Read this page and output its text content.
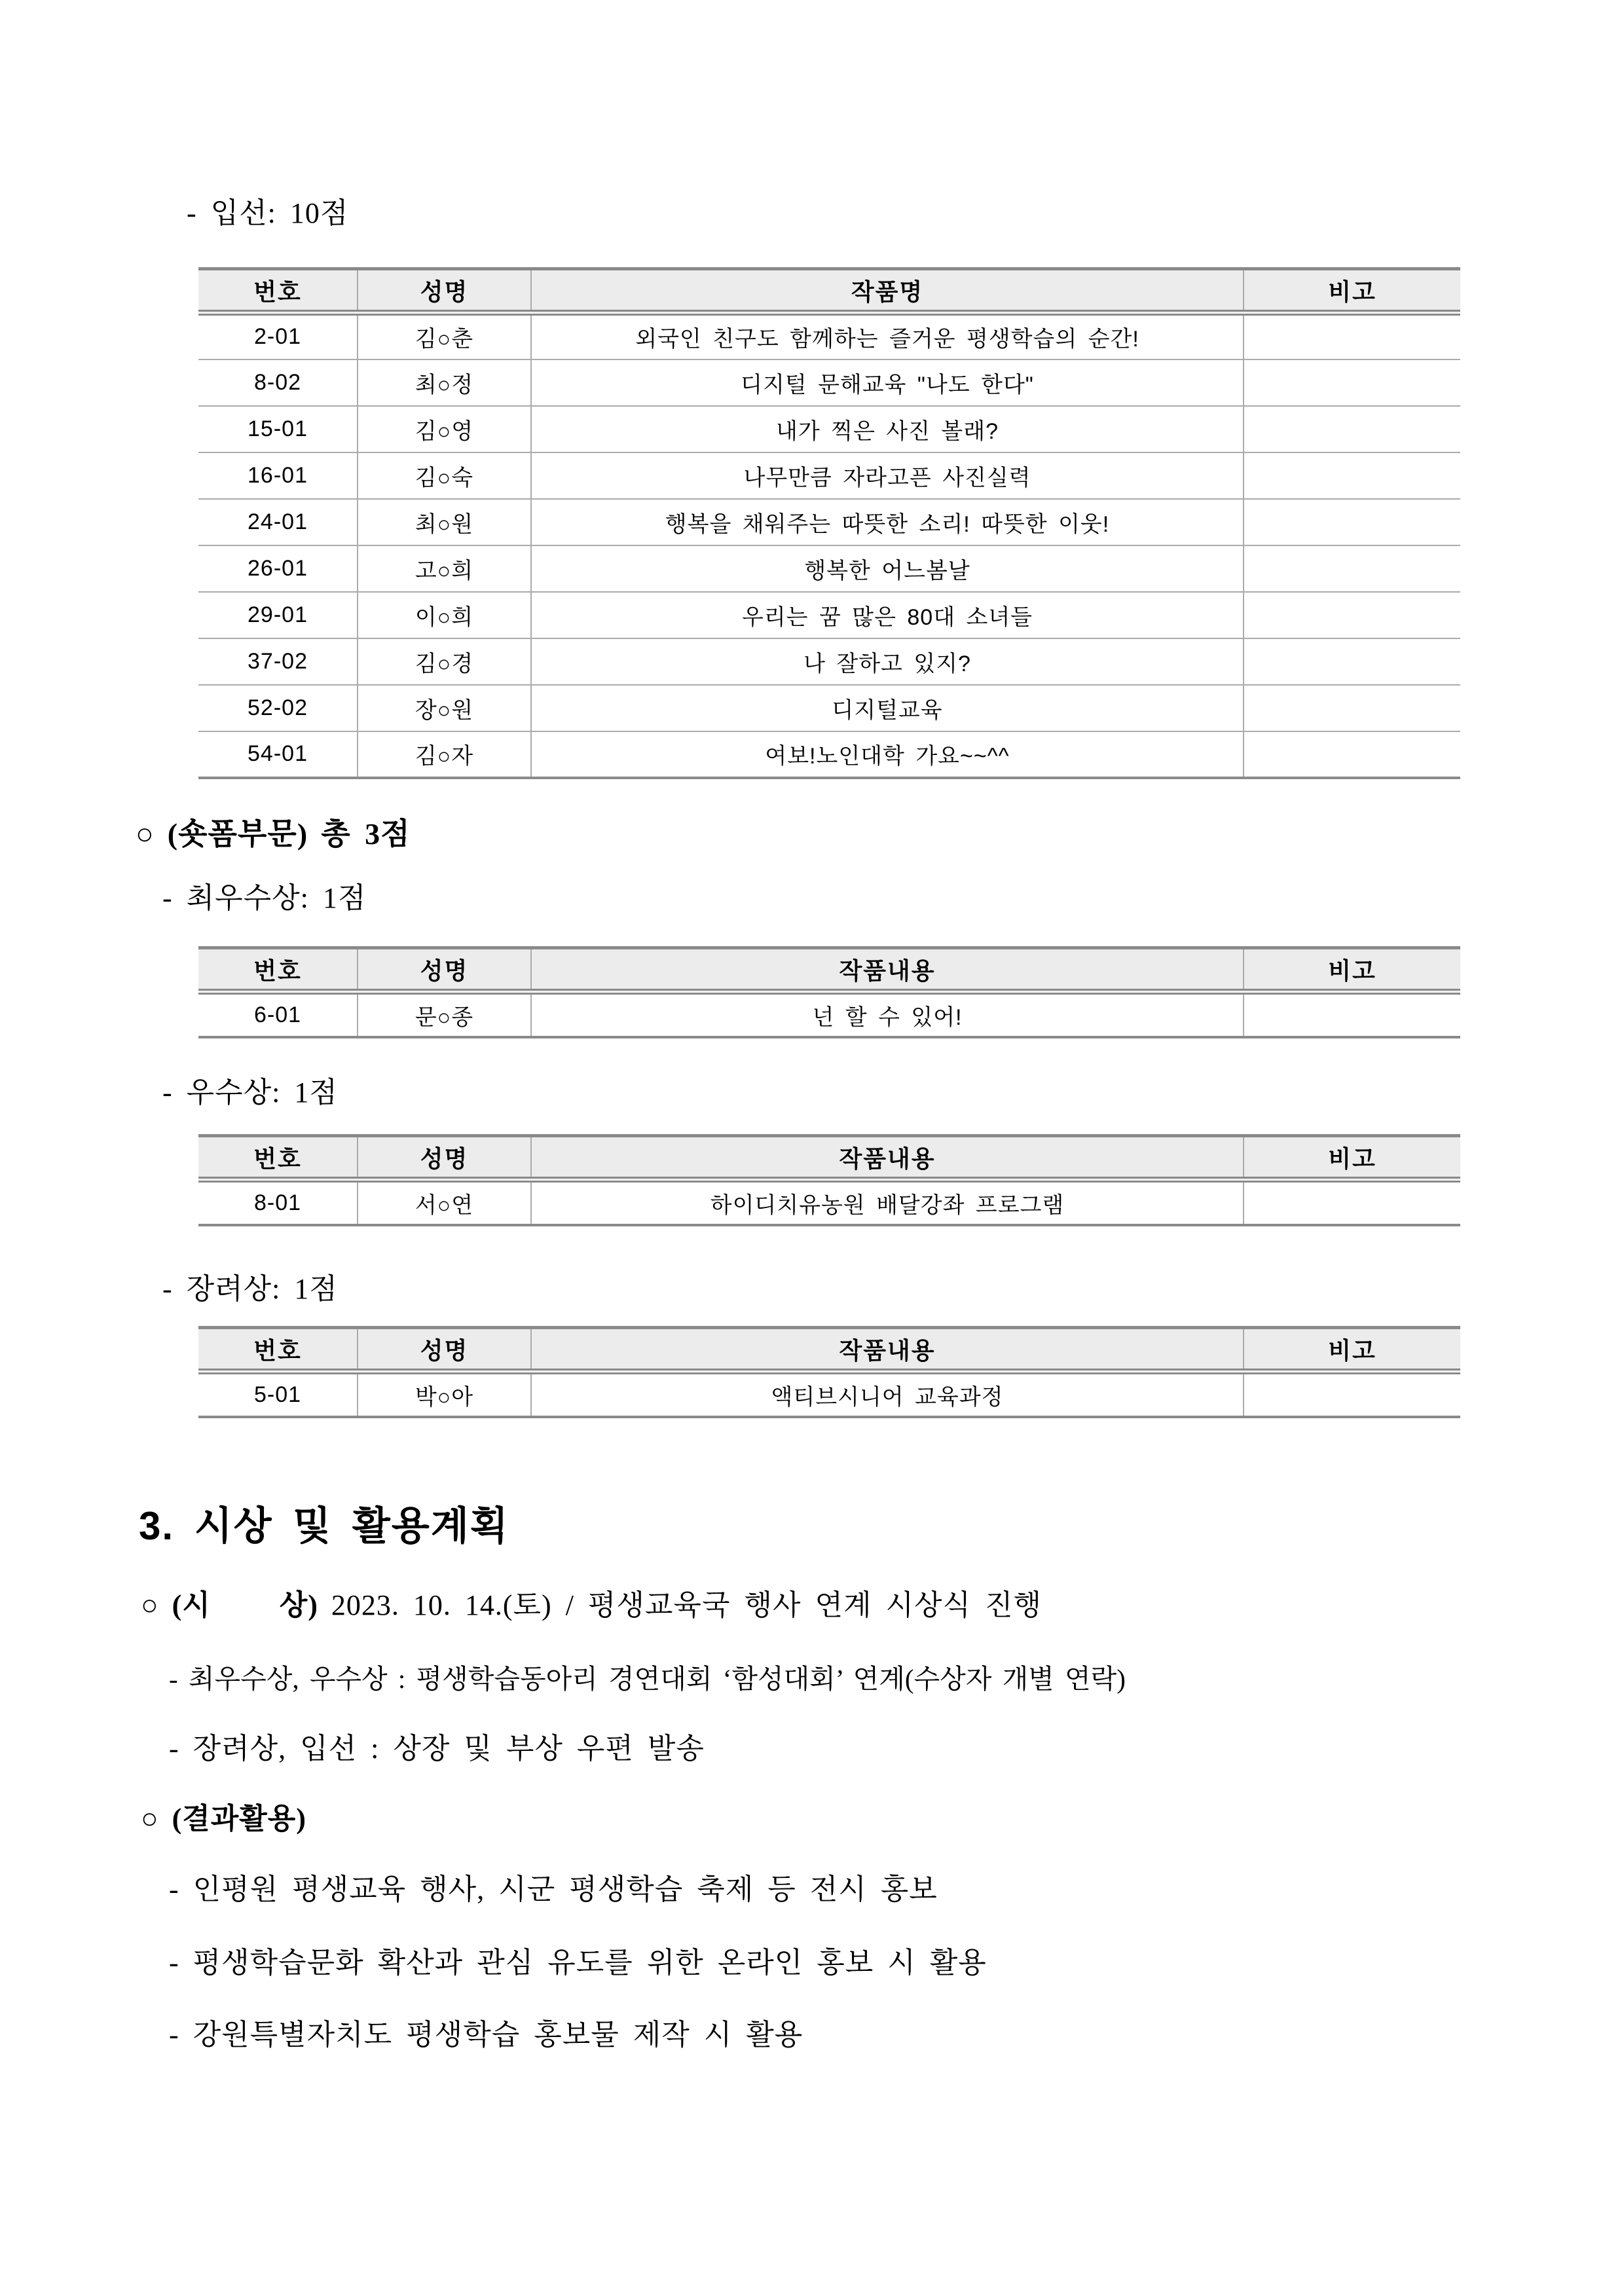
- 입선: 10점
번호	성명	작품명	비고
2-01	김○춘	외국인 친구도 함께하는 즐거운 평생학습의 순간!	
8-02	최○정	디지털 문해교육 "나도 한다"	
15-01	김○영	내가 찍은 사진 볼래?	
16-01	김○숙	나무만큼 자라고픈 사진실력	
24-01	최○원	행복을 채워주는 따뜻한 소리! 따뜻한 이웃!	
26-01	고○희	행복한 어느봄날	
29-01	이○희	우리는 꿈 많은 80대 소녀들	
37-02	김○경	나 잘하고 있지?	
52-02	장○원	디지털교육	
54-01	김○자	여보!노인대학 가요~~^^	
○ (숏폼부문) 총 3점
- 최우수상: 1점
번호	성명	작품내용	비고
6-01	문○종	넌 할 수 있어!	
- 우수상: 1점
번호	성명	작품내용	비고
8-01	서○연	하이디치유농원 배달강좌 프로그램	
- 장려상: 1점
번호	성명	작품내용	비고
5-01	박○아	액티브시니어 교육과정	
3. 시상 및 활용계획
○ (시     상) 2023. 10. 14.(토) / 평생교육국 행사 연계 시상식 진행
- 최우수상, 우수상 : 평생학습동아리 경연대회 ‘함성대회’ 연계(수상자 개별 연락)
- 장려상, 입선 : 상장 및 부상 우편 발송
○ (결과활용)
- 인평원 평생교육 행사, 시군 평생학습 축제 등 전시 홍보
- 평생학습문화 확산과 관심 유도를 위한 온라인 홍보 시 활용
- 강원특별자치도 평생학습 홍보물 제작 시 활용
